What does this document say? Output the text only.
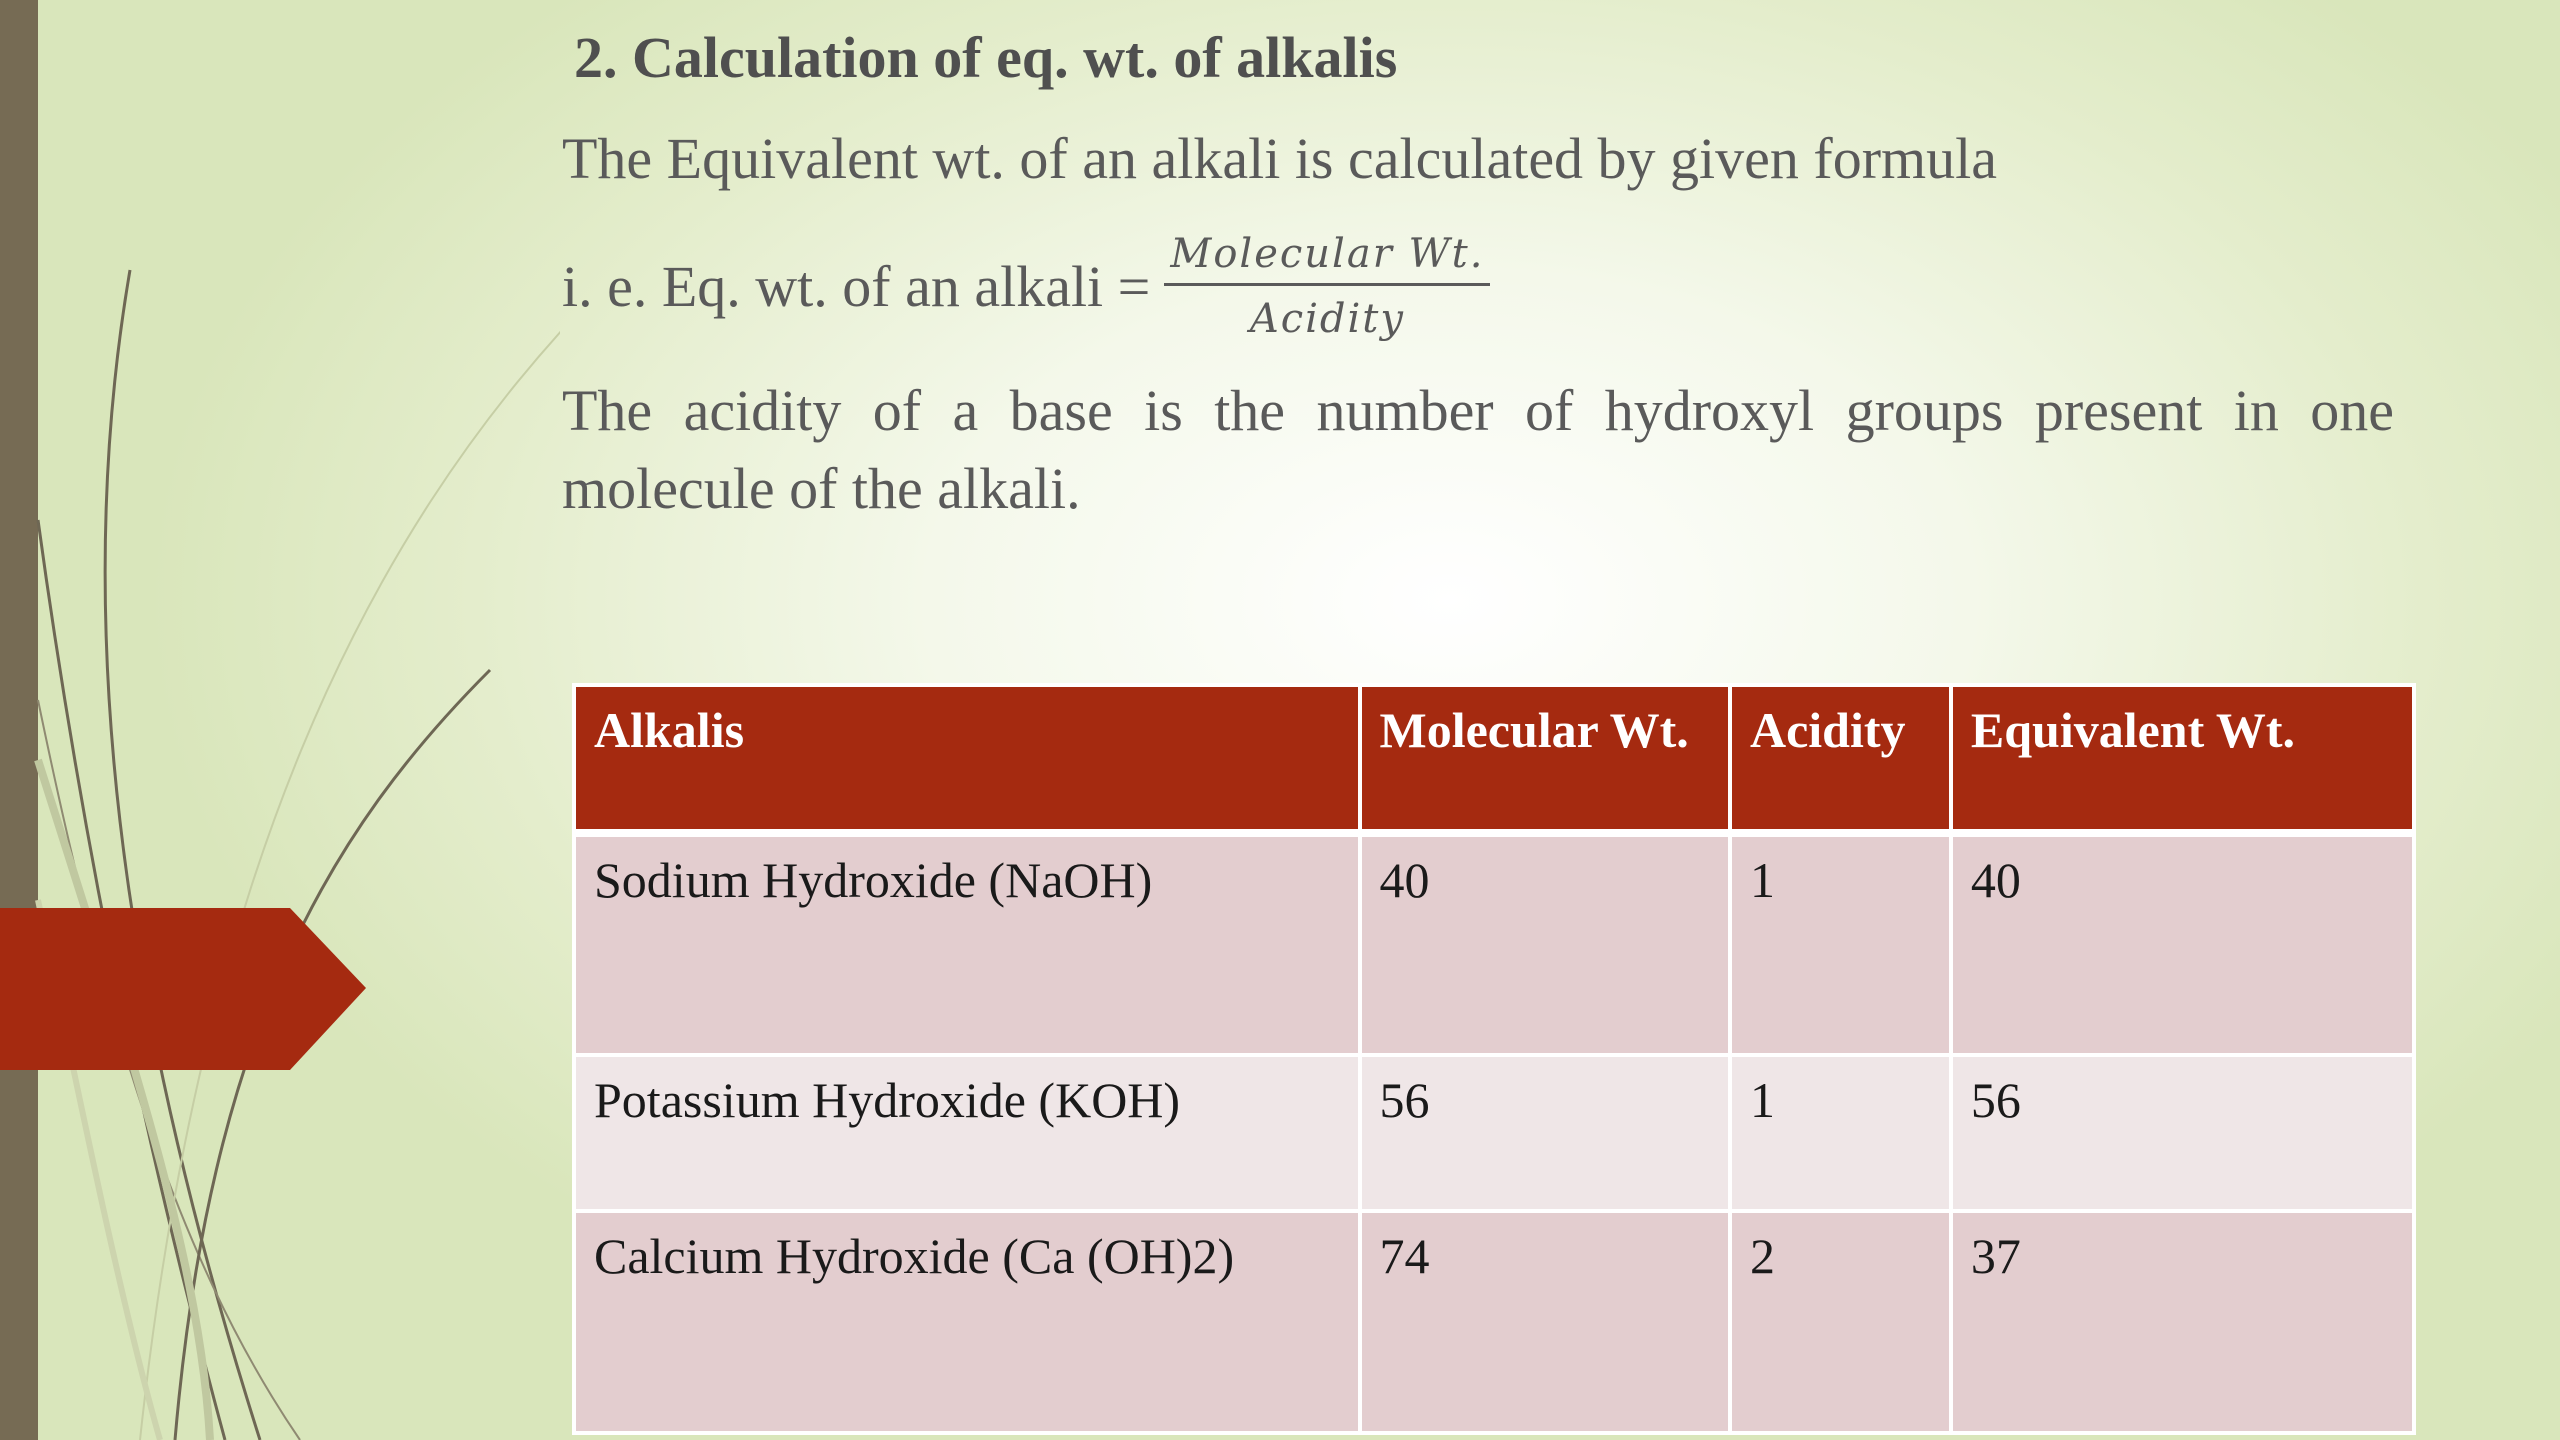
2. Calculation of eq. wt. of alkalis

The Equivalent wt. of an alkali is calculated by given formula

i. e. Eq. wt. of an alkali = $\frac{\text{Molecular Wt.}}{\text{Acidity}}$

The acidity of a base is the number of hydroxyl groups present in one molecule of the alkali.

Alkalis	Molecular Wt.	Acidity	Equivalent Wt.
Sodium Hydroxide (NaOH)	40	1	40
Potassium Hydroxide (KOH)	56	1	56
Calcium Hydroxide (Ca (OH)2)	74	2	37
